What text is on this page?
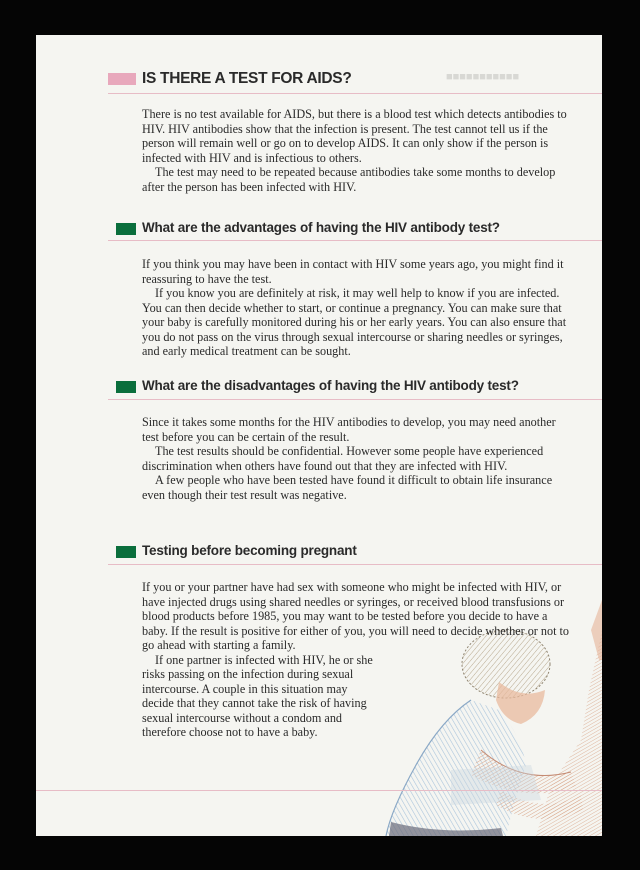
■■■■■■■■■■■
IS THERE A TEST FOR AIDS?

There is no test available for AIDS, but there is a blood test which detects antibodies to HIV. HIV antibodies show that the infection is present. The test cannot tell us if the person will remain well or go on to develop AIDS. It can only show if the person is infected with HIV and is infectious to others.

The test may need to be repeated because antibodies take some months to develop after the person has been infected with HIV.

What are the advantages of having the HIV antibody test?

If you think you may have been in contact with HIV some years ago, you might find it reassuring to have the test.

If you know you are definitely at risk, it may well help to know if you are infected. You can then decide whether to start, or continue a pregnancy. You can make sure that your baby is carefully monitored during his or her early years. You can also ensure that you do not pass on the virus through sexual intercourse or sharing needles or syringes, and early medical treatment can be sought.

What are the disadvantages of having the HIV antibody test?

Since it takes some months for the HIV antibodies to develop, you may need another test before you can be certain of the result.

The test results should be confidential. However some people have experienced discrimination when others have found out that they are infected with HIV.

A few people who have been tested have found it difficult to obtain life insurance even though their test result was negative.

Testing before becoming pregnant

If you or your partner have had sex with someone who might be infected with HIV, or have injected drugs using shared needles or syringes, or received blood transfusions or blood products before 1985, you may want to be tested before you decide to have a baby. If the result is positive for either of you, you will need to decide whether or not to go ahead with starting a family.

If one partner is infected with HIV, he or she risks passing on the infection during sexual intercourse. A couple in this situation may decide that they cannot take the risk of having sexual intercourse without a condom and therefore choose not to have a baby.
